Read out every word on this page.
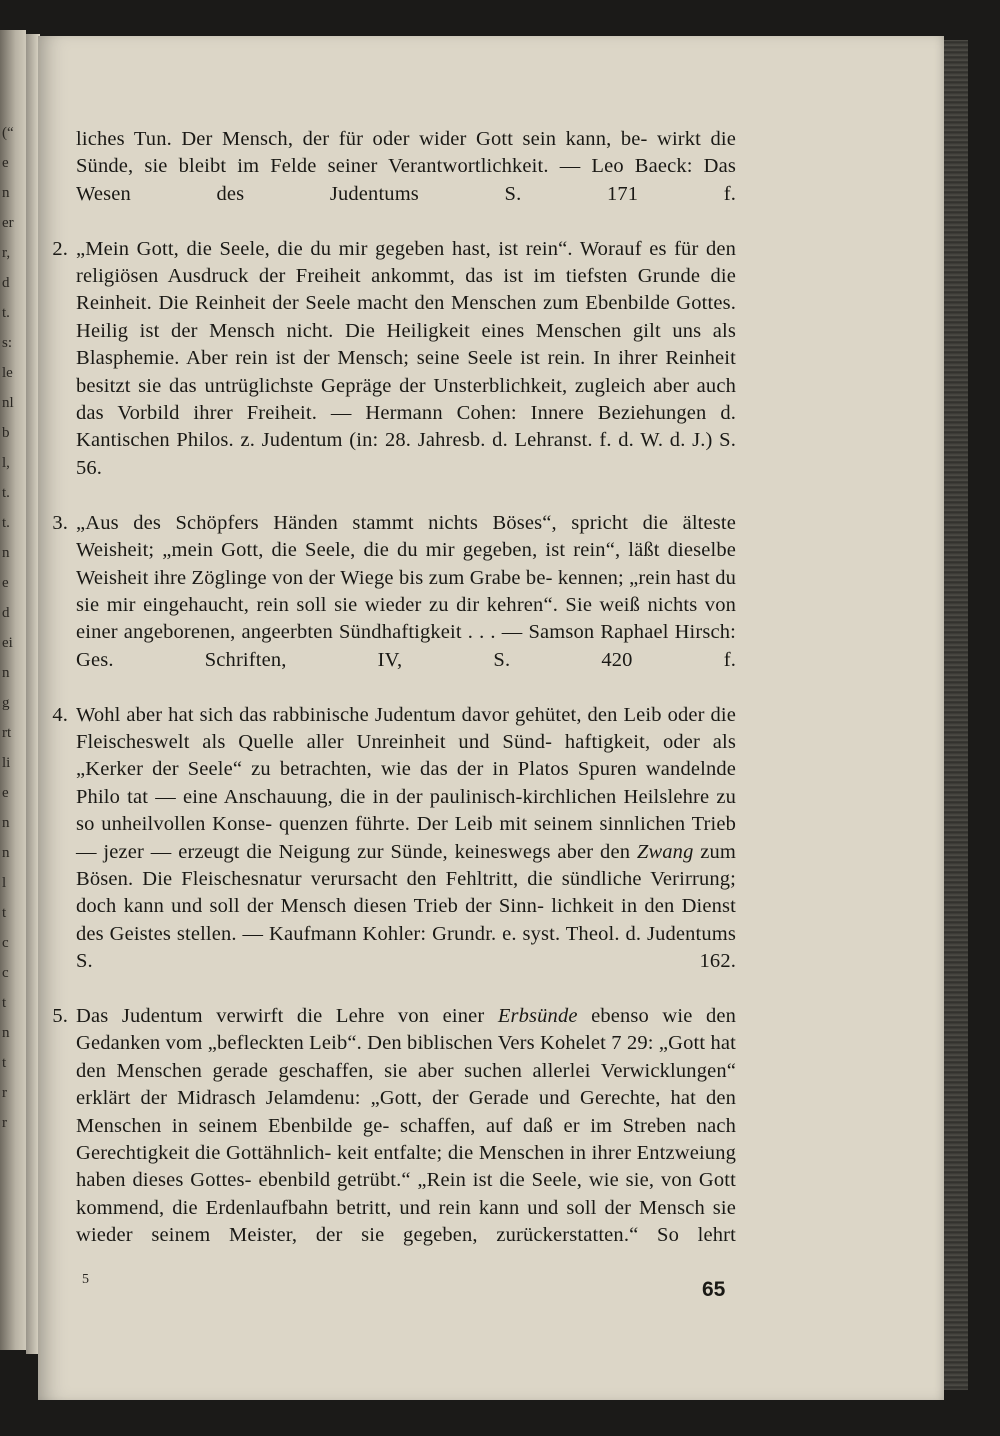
(“
e
n
er
r,
d
t.
s:
le
nl
b
l,
t.
t.
n
e
d
ei
n
g
rt
li
e
n
n
l
t
c
c
t
n
t
r
r

liches Tun. Der Mensch, der für oder wider Gott sein kann, be- wirkt die Sünde, sie bleibt im Felde seiner Verantwortlichkeit. — Leo Baeck: Das Wesen des Judentums S. 171 f.

2. „Mein Gott, die Seele, die du mir gegeben hast, ist rein“. Worauf es für den religiösen Ausdruck der Freiheit ankommt, das ist im tiefsten Grunde die Reinheit. Die Reinheit der Seele macht den Menschen zum Ebenbilde Gottes. Heilig ist der Mensch nicht. Die Heiligkeit eines Menschen gilt uns als Blasphemie. Aber rein ist der Mensch; seine Seele ist rein. In ihrer Reinheit besitzt sie das untrüglichste Gepräge der Unsterblichkeit, zugleich aber auch das Vorbild ihrer Freiheit. — Hermann Cohen: Innere Beziehungen d. Kantischen Philos. z. Judentum (in: 28. Jahresb. d. Lehranst. f. d. W. d. J.) S. 56.

3. „Aus des Schöpfers Händen stammt nichts Böses“, spricht die älteste Weisheit; „mein Gott, die Seele, die du mir gegeben, ist rein“, läßt dieselbe Weisheit ihre Zöglinge von der Wiege bis zum Grabe be- kennen; „rein hast du sie mir eingehaucht, rein soll sie wieder zu dir kehren“. Sie weiß nichts von einer angeborenen, angeerbten Sündhaftigkeit . . . — Samson Raphael Hirsch: Ges. Schriften, IV,	S. 420 f.

4. Wohl aber hat sich das rabbinische Judentum davor gehütet, den Leib oder die Fleischeswelt als Quelle aller Unreinheit und Sünd- haftigkeit, oder als „Kerker der Seele“ zu betrachten, wie das der in Platos Spuren wandelnde Philo tat — eine Anschauung, die in der paulinisch-kirchlichen Heilslehre zu so unheilvollen Konse- quenzen führte. Der Leib mit seinem sinnlichen Trieb — jezer — erzeugt die Neigung zur Sünde, keineswegs aber den Zwang zum Bösen. Die Fleischesnatur verursacht den Fehltritt, die sündliche Verirrung; doch kann und soll der Mensch diesen Trieb der Sinn- lichkeit in den Dienst des Geistes stellen. — Kaufmann Kohler: Grundr. e. syst. Theol. d. Judentums S. 162.

5. Das Judentum verwirft die Lehre von einer Erbsünde ebenso wie den Gedanken vom „befleckten Leib“. Den biblischen Vers Kohelet 7 29: „Gott hat den Menschen gerade geschaffen, sie aber suchen allerlei Verwicklungen“ erklärt der Midrasch Jelamdenu: „Gott, der Gerade und Gerechte, hat den Menschen in seinem Ebenbilde ge- schaffen, auf daß er im Streben nach Gerechtigkeit die Gottähnlich- keit entfalte; die Menschen in ihrer Entzweiung haben dieses Gottes- ebenbild getrübt.“ „Rein ist die Seele, wie sie, von Gott kommend, die Erdenlaufbahn betritt, und rein kann und soll der Mensch sie wieder seinem Meister, der sie gegeben, zurückerstatten.“ So lehrt

5	65
